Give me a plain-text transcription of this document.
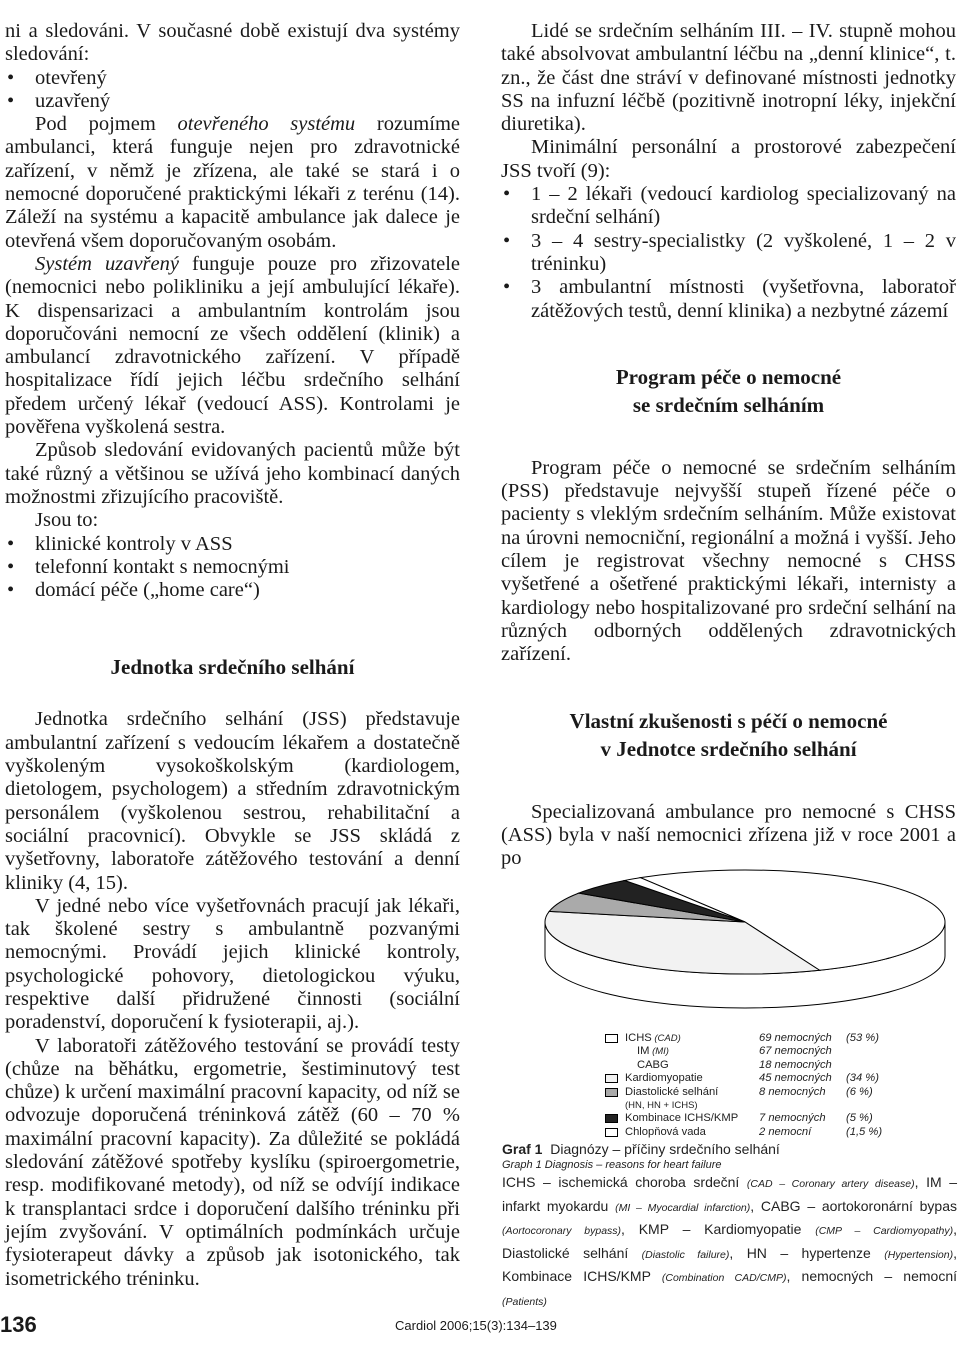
ni a sledováni. V současné době existují dva systémy sledování:

• otevřený
• uzavřený

Pod pojmem otevřeného systému rozumíme ambulanci, která funguje nejen pro zdravotnické zařízení, v němž je zřízena, ale také se stará i o nemocné doporučené praktickými lékaři z terénu (14). Záleží na systému a kapacitě ambulance jak dalece je otevřená všem doporučovaným osobám.

Systém uzavřený funguje pouze pro zřizovatele (nemocnici nebo polikliniku a její ambulující lékaře). K dispensarizaci a ambulantním kontrolám jsou doporučováni nemocní ze všech oddělení (klinik) a ambulancí zdravotnického zařízení. V případě hospitalizace řídí jejich léčbu srdečního selhání předem určený lékař (vedoucí ASS). Kontrolami je pověřena vyškolená sestra.

Způsob sledování evidovaných pacientů může být také různý a většinou se užívá jeho kombinací daných možnostmi zřizujícího pracoviště.

Jsou to:

• klinické kontroly v ASS
• telefonní kontakt s nemocnými
• domácí péče („home care“)
Jednotka srdečního selhání

Jednotka srdečního selhání (JSS) představuje ambulantní zařízení s vedoucím lékařem a dostatečně vyškoleným vysokoškolským (kardiologem, dietologem, psychologem) a středním zdravotnickým personálem (vyškolenou sestrou, rehabilitační a sociální pracovnicí). Obvykle se JSS skládá z vyšetřovny, laboratoře zátěžového testování a denní kliniky (4, 15).

V jedné nebo více vyšetřovnách pracují jak lékaři, tak školené sestry s ambulantně pozvanými nemocnými. Provádí jejich klinické kontroly, psychologické pohovory, dietologickou výuku, respektive další přidružené činnosti (sociální poradenství, doporučení k fysioterapii, aj.).

V laboratoři zátěžového testování se provádí testy (chůze na běhátku, ergometrie, šestiminutový test chůze) k určení maximální pracovní kapacity, od níž se odvozuje doporučená tréninková zátěž (60 – 70 % maximální pracovní kapacity). Za důležité se pokládá sledování zátěžové spotřeby kyslíku (spiroergometrie, resp. modifikované metody), od níž se odvíjí indikace k transplantaci srdce i doporučení dalšího tréninku při jejím zvyšování. V optimálních podmínkách určuje fysioterapeut dávky a způsob jak isotonického, tak isometrického tréninku.

Lidé se srdečním selháním III. – IV. stupně mohou také absolvovat ambulantní léčbu na „denní klinice“, t. zn., že část dne stráví v definované místnosti jednotky SS na infuzní léčbě (pozitivně inotropní léky, injekční diuretika).

Minimální personální a prostorové zabezpečení JSS tvoří (9):

• 1 – 2 lékaři (vedoucí kardiolog specializovaný na srdeční selhání)
• 3 – 4 sestry-specialistky (2 vyškolené, 1 – 2 v tréninku)
• 3 ambulantní místnosti (vyšetřovna, laboratoř zátěžových testů, denní klinika) a nezbytné zázemí
Program péče o nemocné
se srdečním selháním

Program péče o nemocné se srdečním selháním (PSS) představuje nejvyšší stupeň řízené péče o pacienty s vleklým srdečním selháním. Může existovat na úrovni nemocniční, regionální a možná i vyšší. Jeho cílem je registrovat všechny nemocné s CHSS vyšetřené a ošetřené praktickými lékaři, internisty a kardiology nebo hospitalizované pro srdeční selhání na různých odborných oddělených zdravotnických zařízení.

Vlastní zkušenosti s péčí o nemocné
v Jednotce srdečního selhání

Specializovaná ambulance pro nemocné s CHSS (ASS) byla v naší nemocnici zřízena již v roce 2001 a po

ICHS (CAD)	69 nemocných (53 %)
IM (MI)	67 nemocných
CABG	18 nemocných
Kardiomyopatie	45 nemocných (34 %)
Diastolické selhání	8 nemocných (6 %)
(HN, HN + ICHS)
Kombinace ICHS/KMP 7 nemocných (5 %)
Chlopňová vada	2 nemocní	(1,5 %)
Graf 1 Diagnózy – příčiny srdečního selhání
Graph 1 Diagnosis – reasons for heart failure
ICHS – ischemická choroba srdeční (CAD – Coronary artery disease), IM – infarkt myokardu (MI – Myocardial infarction), CABG – aortokoronární bypas (Aortocoronary bypass), KMP – Kardiomyopatie (CMP – Cardiomyopathy), Diastolické selhání (Diastolic failure), HN – hypertenze (Hypertension), Kombinace ICHS/KMP (Combination CAD/CMP), nemocných – nemocní (Patients)
136	Cardiol 2006;15(3):134–139
